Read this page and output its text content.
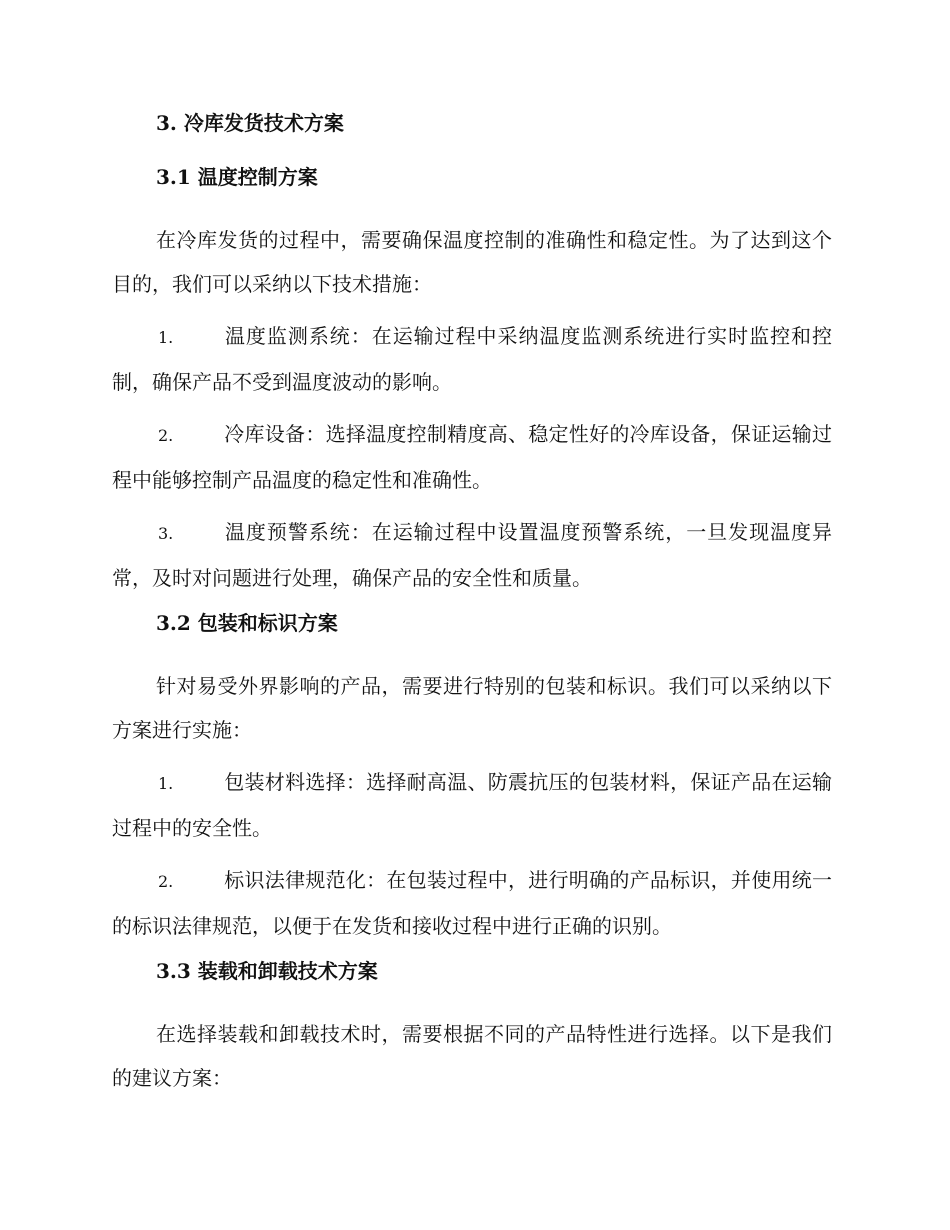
3. 冷库发货技术方案
3.1 温度控制方案
在冷库发货的过程中，需要确保温度控制的准确性和稳定性。为了达到这个目的，我们可以采纳以下技术措施：
1.	温度监测系统：在运输过程中采纳温度监测系统进行实时监控和控制，确保产品不受到温度波动的影响。
2.	冷库设备：选择温度控制精度高、稳定性好的冷库设备，保证运输过程中能够控制产品温度的稳定性和准确性。
3.	温度预警系统：在运输过程中设置温度预警系统，一旦发现温度异常，及时对问题进行处理，确保产品的安全性和质量。
3.2 包装和标识方案
针对易受外界影响的产品，需要进行特别的包装和标识。我们可以采纳以下方案进行实施：
1.	包装材料选择：选择耐高温、防震抗压的包装材料，保证产品在运输过程中的安全性。
2.	标识法律规范化：在包装过程中，进行明确的产品标识，并使用统一的标识法律规范，以便于在发货和接收过程中进行正确的识别。
3.3 装载和卸载技术方案
在选择装载和卸载技术时，需要根据不同的产品特性进行选择。以下是我们的建议方案：
